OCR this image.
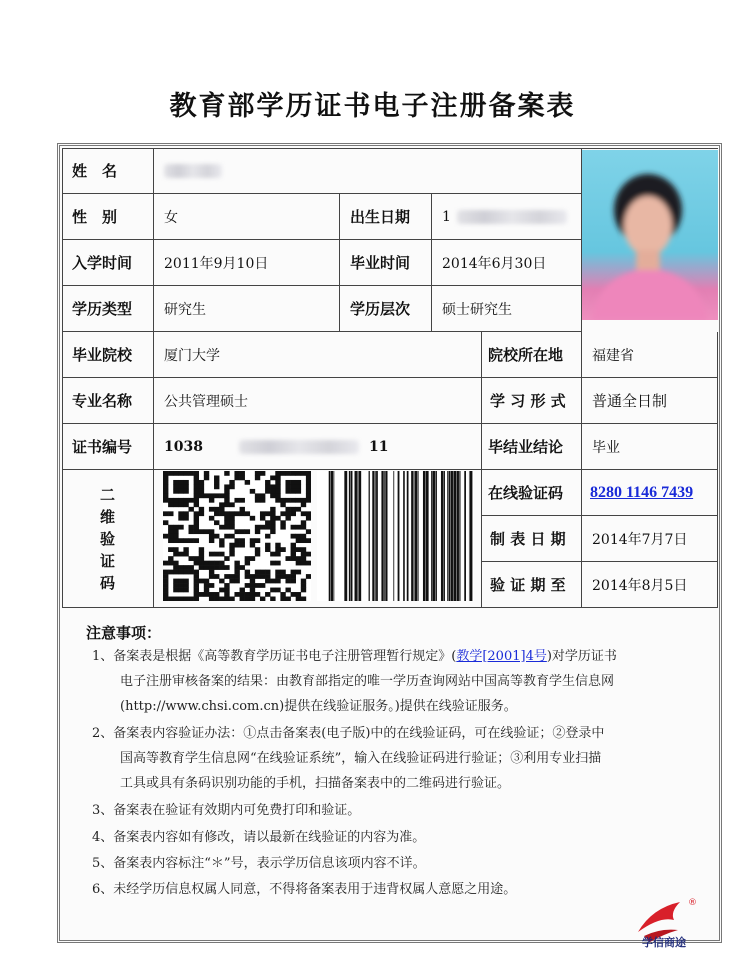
教育部学历证书电子注册备案表
姓　名
性　别	女	出生日期 1
入学时间	2011年9月10日	毕业时间	2014年6月30日
学历类型	研究生	学历层次	硕士研究生
毕业院校	厦门大学	院校所在地	福建省
专业名称	公共管理硕士	学 习 形 式	普通全日制
证书编号 1038	11	毕结业结论	毕业
二
维
验
证
码
在线验证码 8280 1146 7439
制 表 日 期	2014年7月7日
验 证 期 至	2014年8月5日
注意事项：
1、备案表是根据《高等教育学历证书电子注册管理暂行规定》(教学[2001]4号)对学历证书
电子注册审核备案的结果：由教育部指定的唯一学历查询网站中国高等教育学生信息网
(http://www.chsi.com.cn)提供在线验证服务。)提供在线验证服务。
2、备案表内容验证办法：①点击备案表(电子版)中的在线验证码，可在线验证；②登录中
国高等教育学生信息网“在线验证系统”，输入在线验证码进行验证；③利用专业扫描
工具或具有条码识别功能的手机，扫描备案表中的二维码进行验证。
3、备案表在验证有效期内可免费打印和验证。
4、备案表内容如有修改，请以最新在线验证的内容为准。
5、备案表内容标注“＊”号，表示学历信息该项内容不详。
6、未经学历信息权属人同意，不得将备案表用于违背权属人意愿之用途。
®
学信商途
